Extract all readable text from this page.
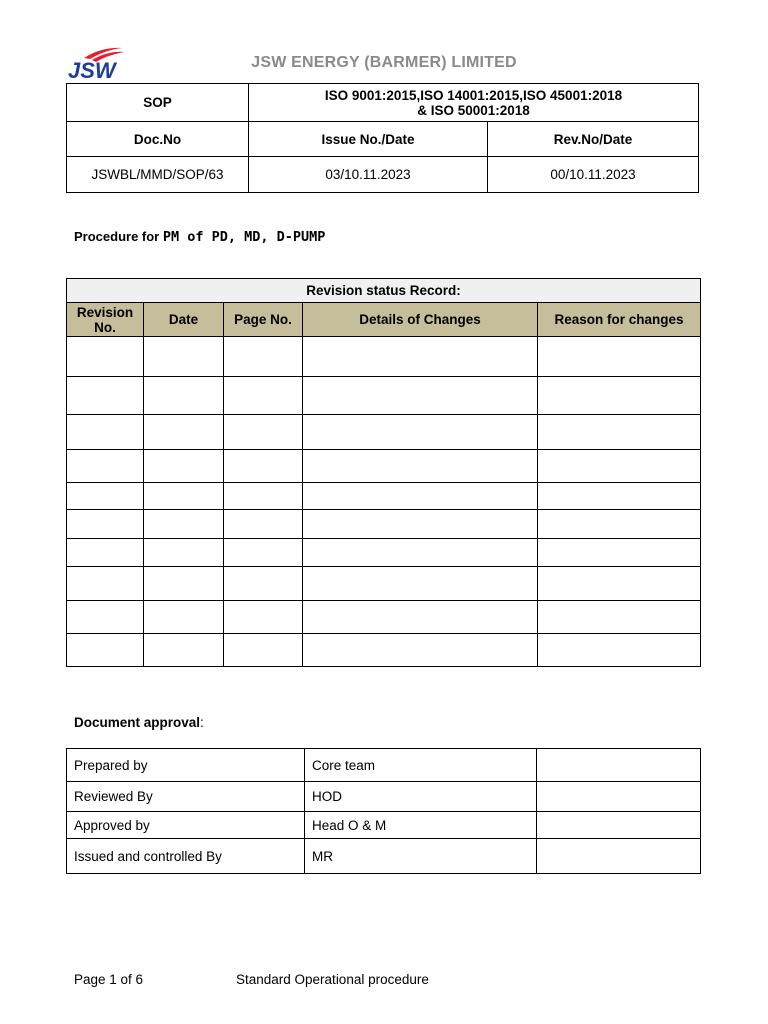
JSW	JSW ENERGY (BARMER) LIMITED
SOP	ISO 9001:2015,ISO 14001:2015,ISO 45001:2018
& ISO 50001:2018	

Doc.No	Issue No./Date	Rev.No/Date
JSWBL/MMD/SOP/63	03/10.11.2023	00/10.11.2023
Procedure for PM of PD, MD, D-PUMP
Revision status Record:				
Revision No.	Date	Page No.	Details of Changes	Reason for changes

Document approval:
Prepared by	Core team	
Reviewed By	HOD	
Approved by	Head O & M	
Issued and controlled By	MR	
Page 1 of 6	Standard Operational procedure
